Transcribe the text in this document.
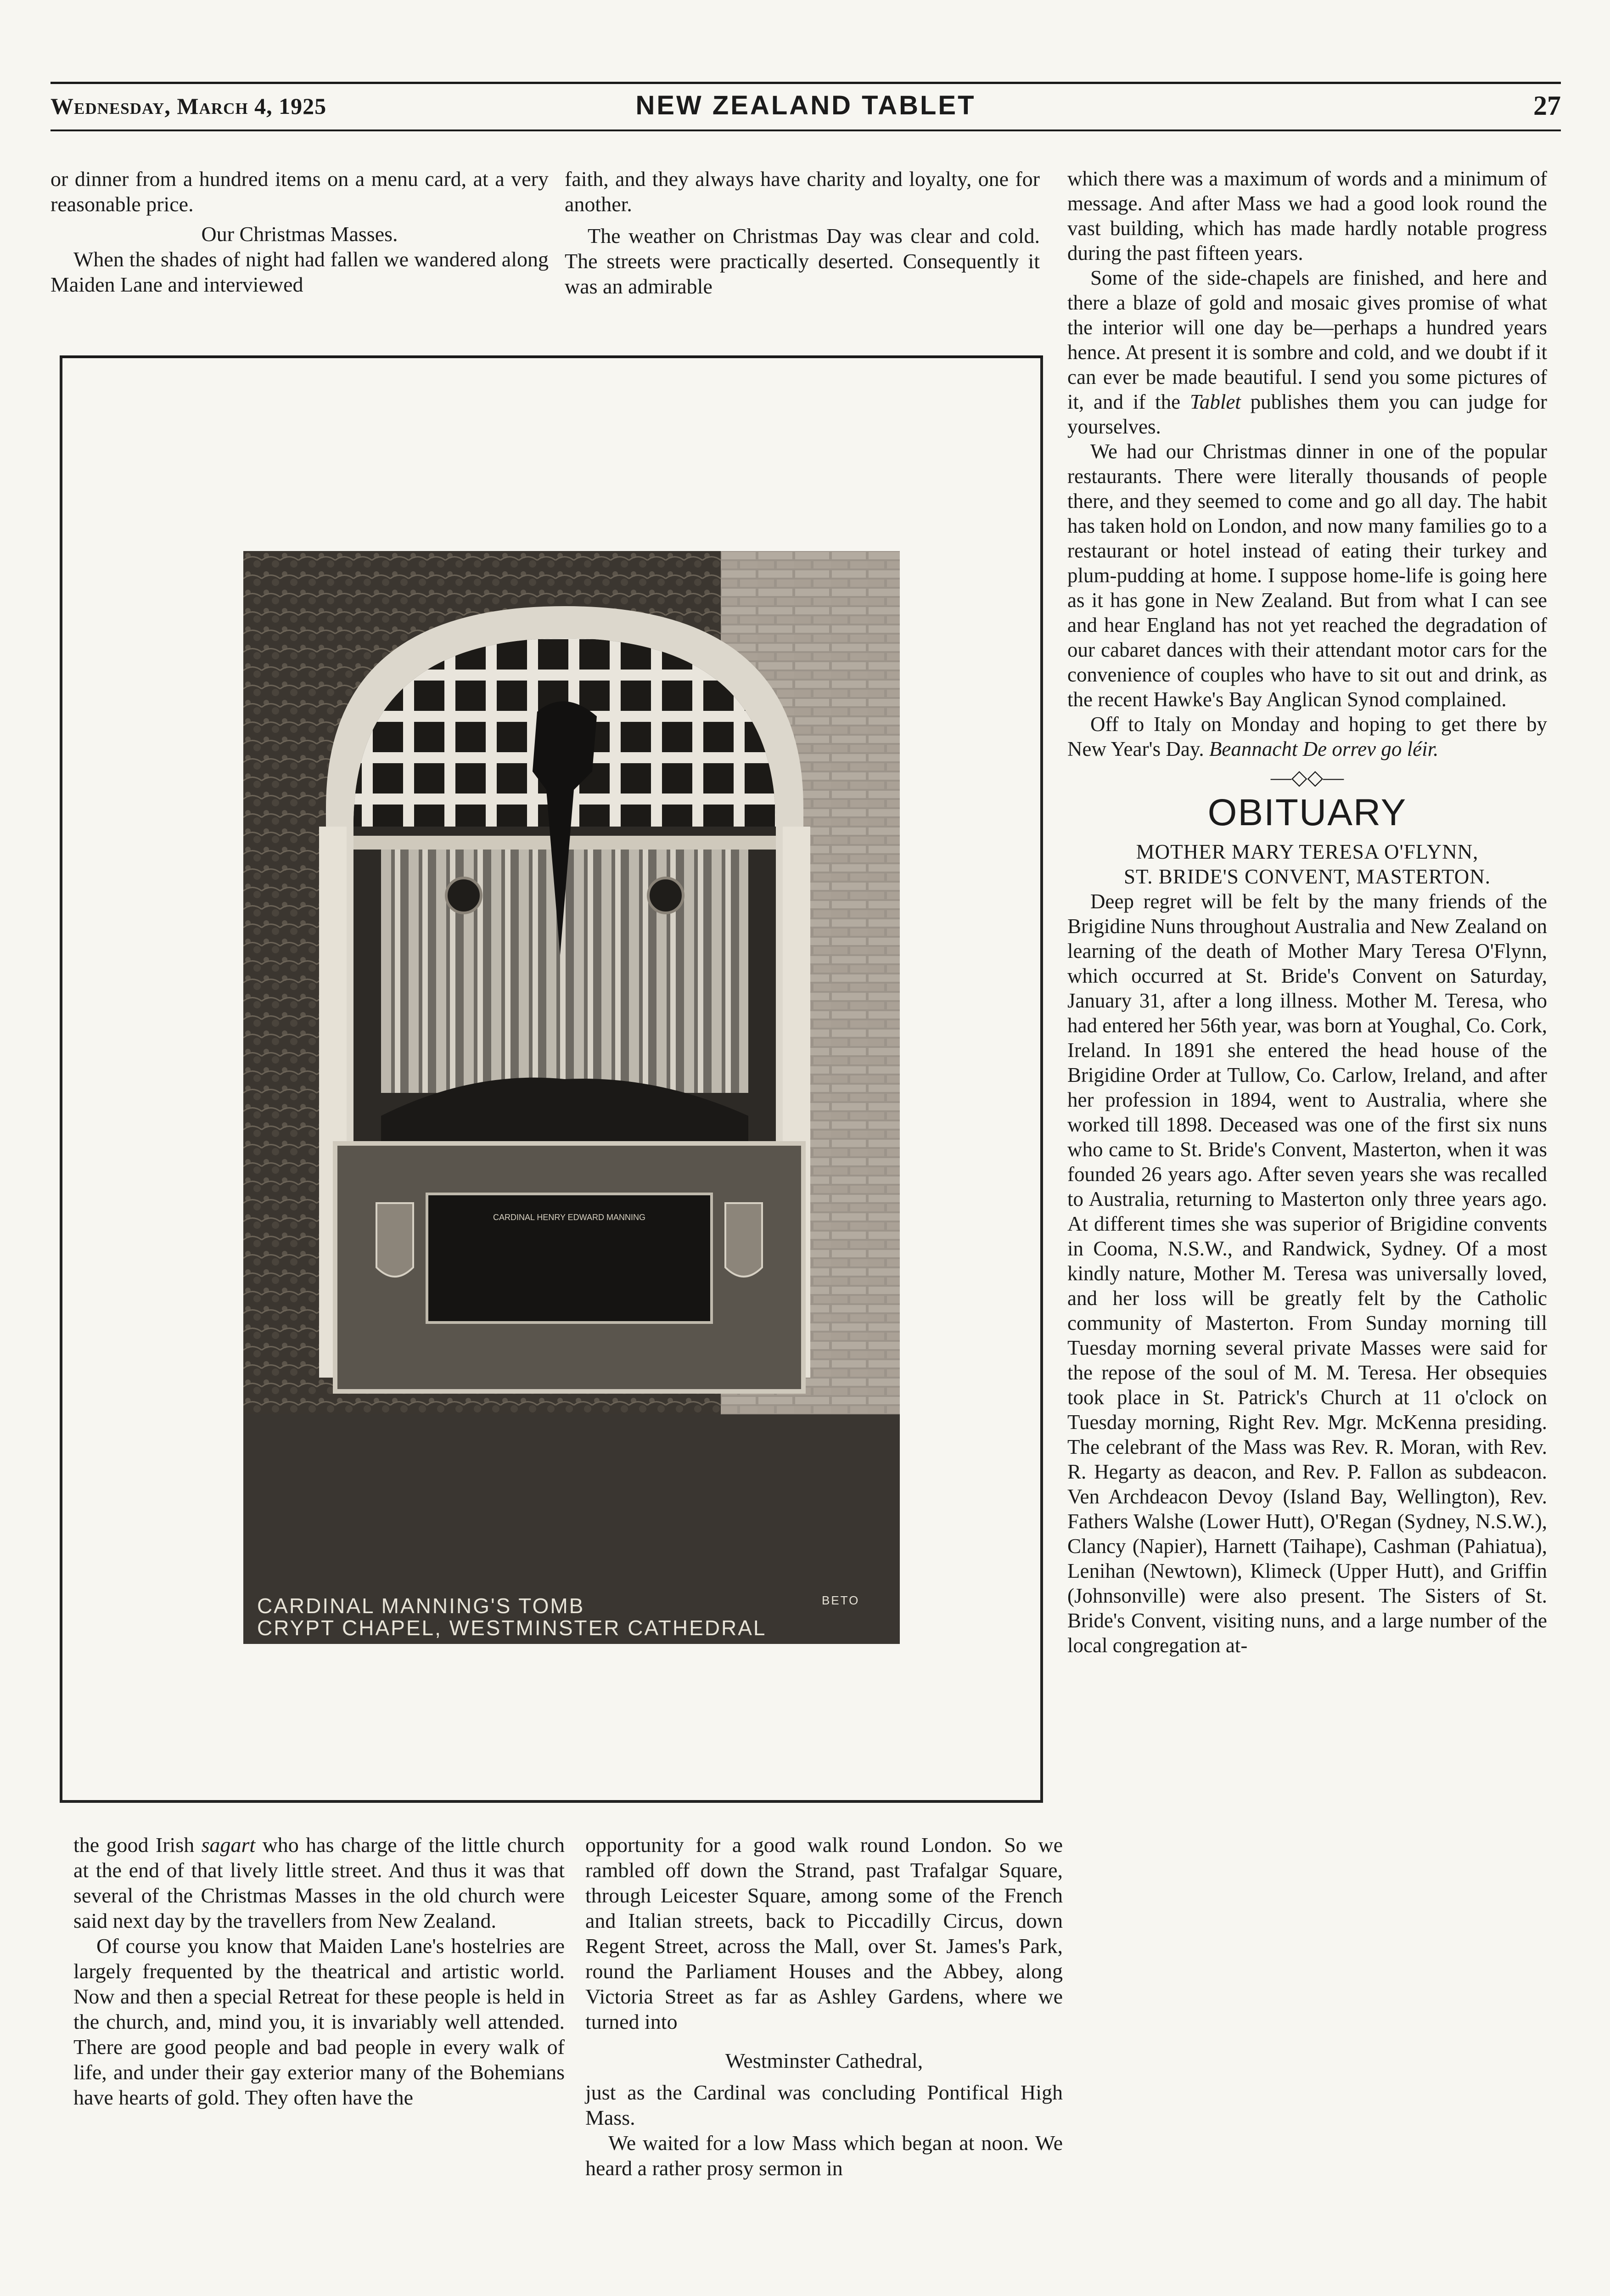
Wednesday, March 4, 1925	NEW ZEALAND TABLET	27

or dinner from a hundred items on a menu card, at a very reasonable price.

Our Christmas Masses.

When the shades of night had fallen we wandered along Maiden Lane and interviewed

faith, and they always have charity and loyalty, one for another.

The weather on Christmas Day was clear and cold. The streets were practically deserted. Consequently it was an admirable

CARDINAL HENRY EDWARD MANNING
CARDINAL MANNING'S TOMB
CRYPT CHAPEL, WESTMINSTER CATHEDRAL
BETO

the good Irish sagart who has charge of the little church at the end of that lively little street. And thus it was that several of the Christmas Masses in the old church were said next day by the travellers from New Zealand.

Of course you know that Maiden Lane's hostelries are largely frequented by the theatrical and artistic world. Now and then a special Retreat for these people is held in the church, and, mind you, it is invariably well attended. There are good people and bad people in every walk of life, and under their gay exterior many of the Bohemians have hearts of gold. They often have the

opportunity for a good walk round London. So we rambled off down the Strand, past Trafalgar Square, through Leicester Square, among some of the French and Italian streets, back to Piccadilly Circus, down Regent Street, across the Mall, over St. James's Park, round the Parliament Houses and the Abbey, along Victoria Street as far as Ashley Gardens, where we turned into

Westminster Cathedral,

just as the Cardinal was concluding Pontifical High Mass.

We waited for a low Mass which began at noon. We heard a rather prosy sermon in

which there was a maximum of words and a minimum of message. And after Mass we had a good look round the vast building, which has made hardly notable progress during the past fifteen years.

Some of the side-chapels are finished, and here and there a blaze of gold and mosaic gives promise of what the interior will one day be—perhaps a hundred years hence. At present it is sombre and cold, and we doubt if it can ever be made beautiful. I send you some pictures of it, and if the Tablet publishes them you can judge for yourselves.

We had our Christmas dinner in one of the popular restaurants. There were literally thousands of people there, and they seemed to come and go all day. The habit has taken hold on London, and now many families go to a restaurant or hotel instead of eating their turkey and plum-pudding at home. I suppose home-life is going here as it has gone in New Zealand. But from what I can see and hear England has not yet reached the degradation of our cabaret dances with their attendant motor cars for the convenience of couples who have to sit out and drink, as the recent Hawke's Bay Anglican Synod complained.

Off to Italy on Monday and hoping to get there by New Year's Day. Beannacht De orrev go léir.

—◇◇—

OBITUARY

MOTHER MARY TERESA O'FLYNN,

ST. BRIDE'S CONVENT, MASTERTON.

Deep regret will be felt by the many friends of the Brigidine Nuns throughout Australia and New Zealand on learning of the death of Mother Mary Teresa O'Flynn, which occurred at St. Bride's Convent on Saturday, January 31, after a long illness. Mother M. Teresa, who had entered her 56th year, was born at Youghal, Co. Cork, Ireland. In 1891 she entered the head house of the Brigidine Order at Tullow, Co. Carlow, Ireland, and after her profession in 1894, went to Australia, where she worked till 1898. Deceased was one of the first six nuns who came to St. Bride's Convent, Masterton, when it was founded 26 years ago. After seven years she was recalled to Australia, returning to Masterton only three years ago. At different times she was superior of Brigidine convents in Cooma, N.S.W., and Randwick, Sydney. Of a most kindly nature, Mother M. Teresa was universally loved, and her loss will be greatly felt by the Catholic community of Masterton. From Sunday morning till Tuesday morning several private Masses were said for the repose of the soul of M. M. Teresa. Her obsequies took place in St. Patrick's Church at 11 o'clock on Tuesday morning, Right Rev. Mgr. McKenna presiding. The celebrant of the Mass was Rev. R. Moran, with Rev. R. Hegarty as deacon, and Rev. P. Fallon as subdeacon. Ven Archdeacon Devoy (Island Bay, Wellington), Rev. Fathers Walshe (Lower Hutt), O'Regan (Sydney, N.S.W.), Clancy (Napier), Harnett (Taihape), Cashman (Pahiatua), Lenihan (Newtown), Klimeck (Upper Hutt), and Griffin (Johnsonville) were also present. The Sisters of St. Bride's Convent, visiting nuns, and a large number of the local congregation at-
